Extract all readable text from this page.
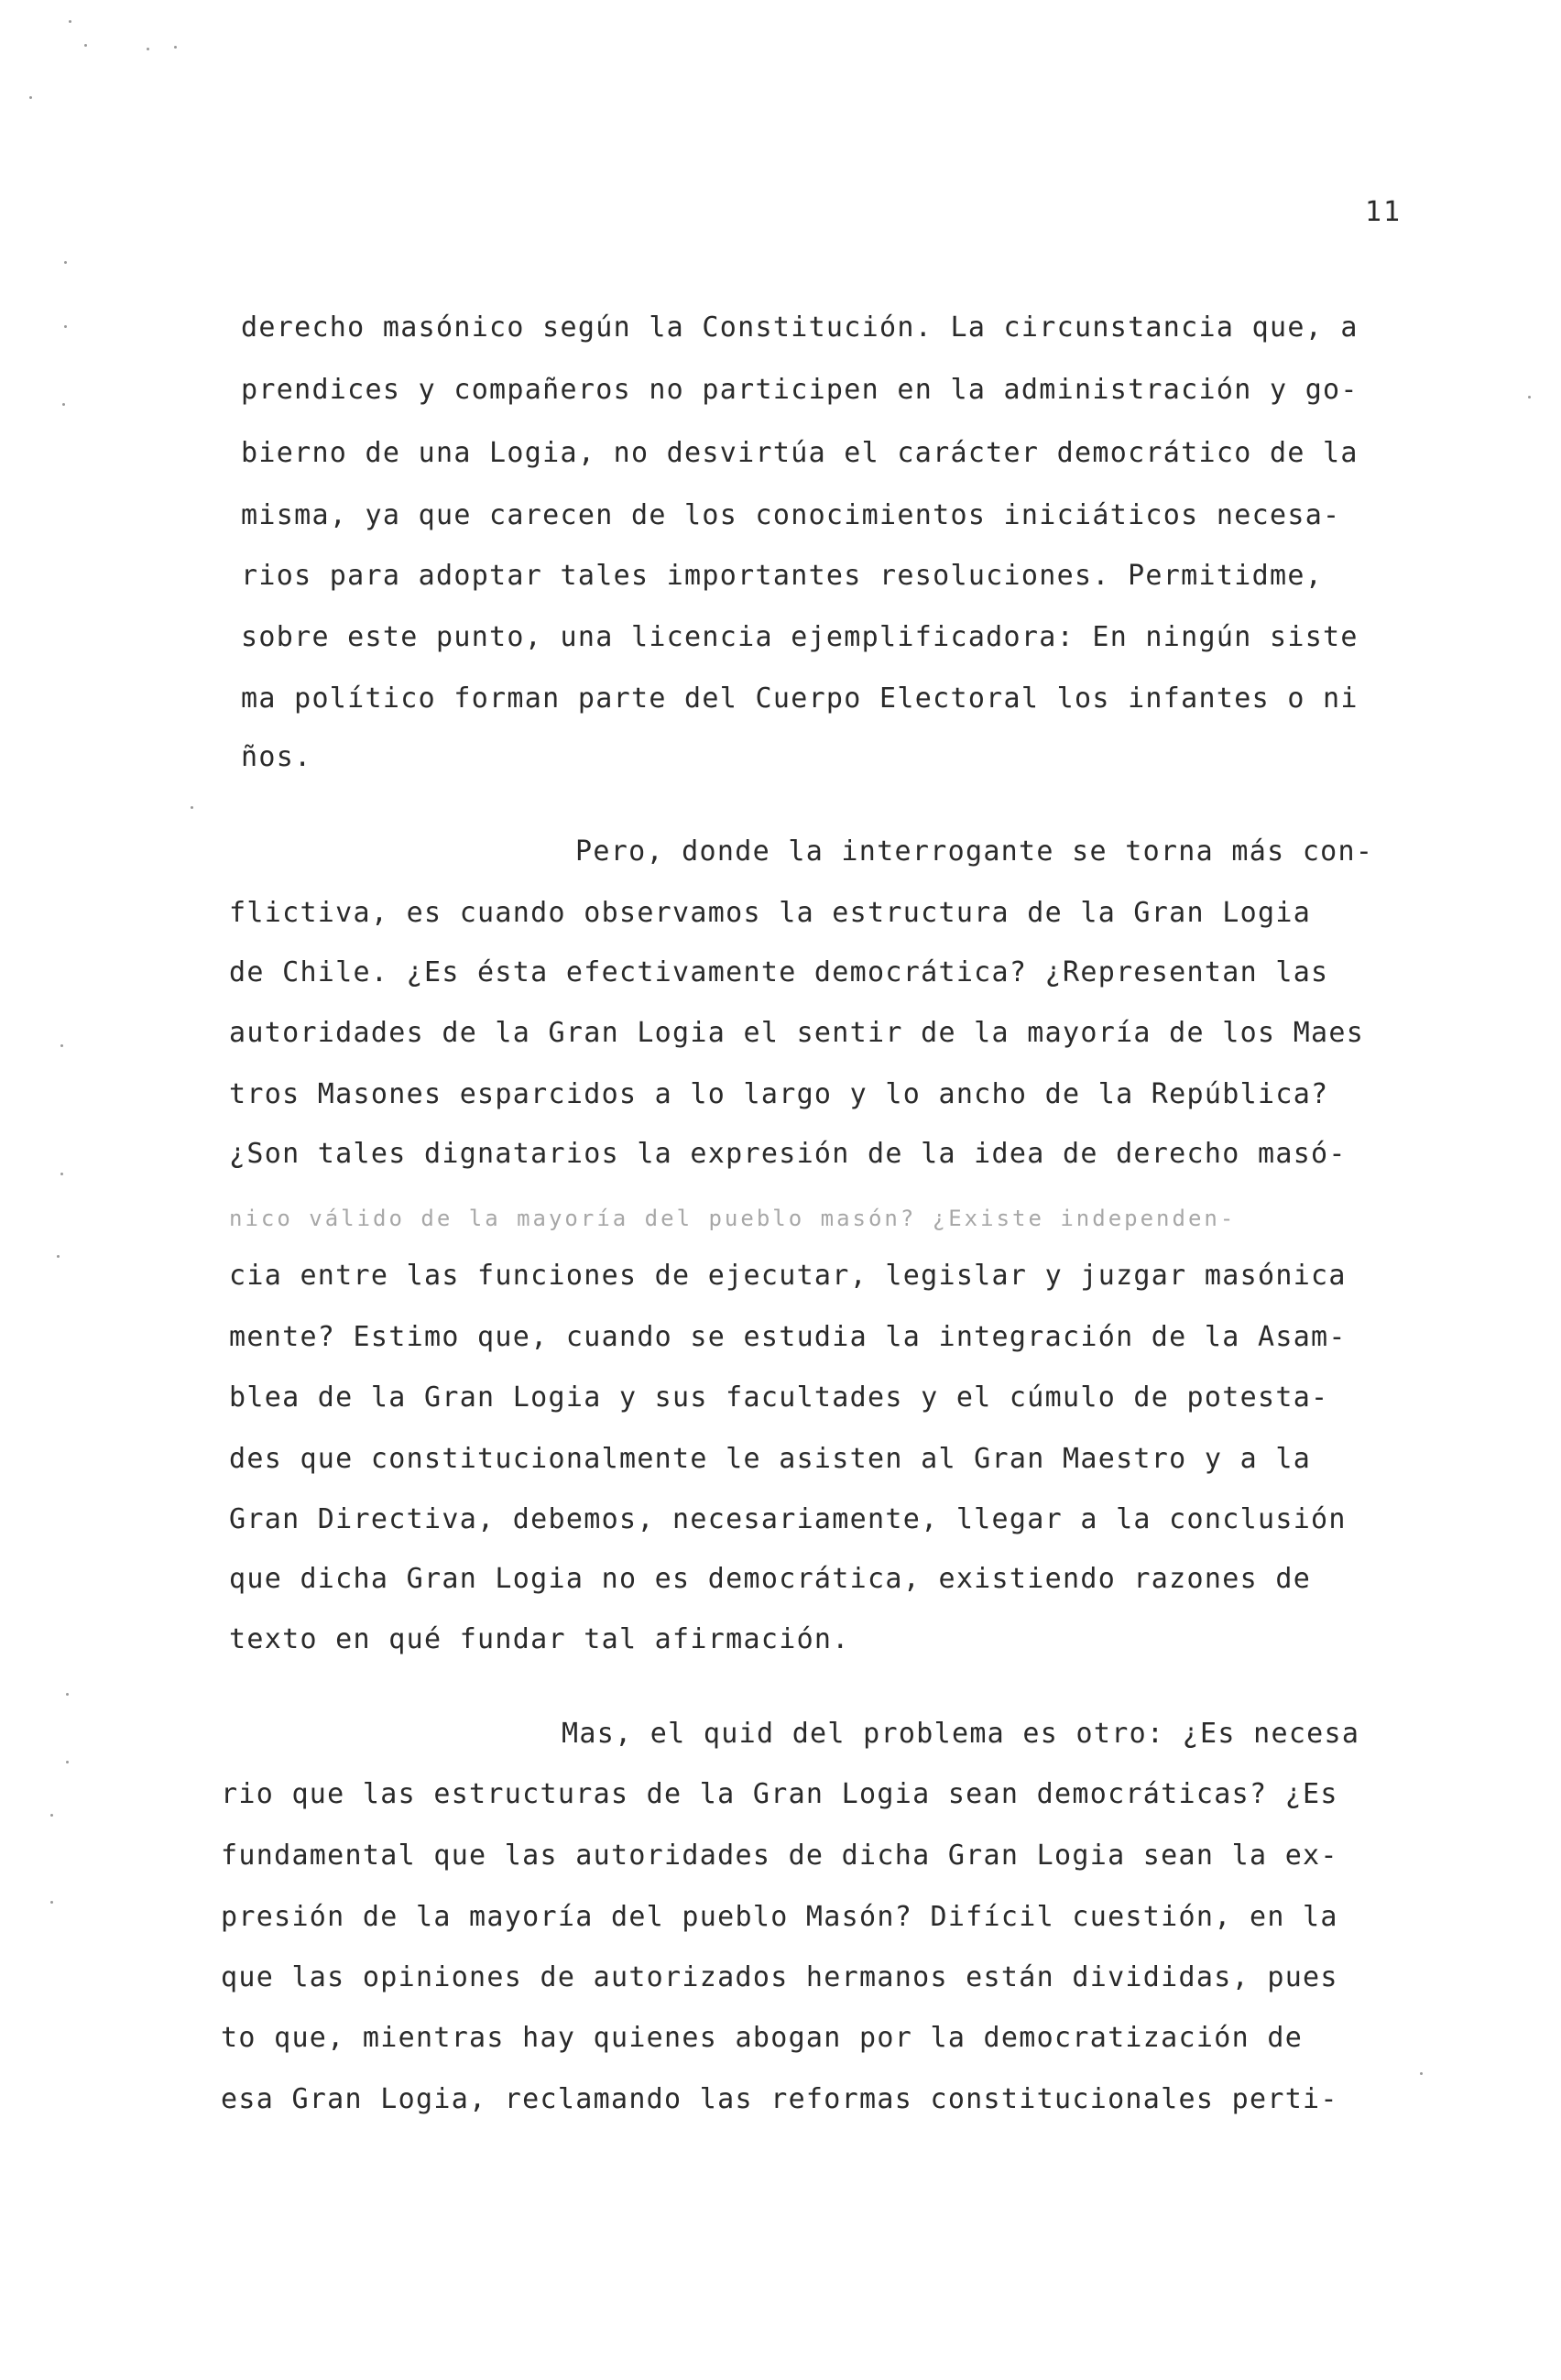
11
derecho masónico según la Constitución. La circunstancia que, a
prendices y compañeros no participen en la administración y go-
bierno de una Logia, no desvirtúa el carácter democrático de la
misma, ya que carecen de los conocimientos iniciáticos necesa-
rios para adoptar tales importantes resoluciones. Permitidme,
sobre este punto, una licencia ejemplificadora: En ningún siste
ma político forman parte del Cuerpo Electoral los infantes o ni
ños.
Pero, donde la interrogante se torna más con-
flictiva, es cuando observamos la estructura de la Gran Logia
de Chile. ¿Es ésta efectivamente democrática? ¿Representan las
autoridades de la Gran Logia el sentir de la mayoría de los Maes
tros Masones esparcidos a lo largo y lo ancho de la República?
¿Son tales dignatarios la expresión de la idea de derecho masó-
nico válido de la mayoría del pueblo masón? ¿Existe independen-
cia entre las funciones de ejecutar, legislar y juzgar masónica
mente? Estimo que, cuando se estudia la integración de la Asam-
blea de la Gran Logia y sus facultades y el cúmulo de potesta-
des que constitucionalmente le asisten al Gran Maestro y a la
Gran Directiva, debemos, necesariamente, llegar a la conclusión
que dicha Gran Logia no es democrática, existiendo razones de
texto en qué fundar tal afirmación.
Mas, el quid del problema es otro: ¿Es necesa
rio que las estructuras de la Gran Logia sean democráticas? ¿Es
fundamental que las autoridades de dicha Gran Logia sean la ex-
presión de la mayoría del pueblo Masón? Difícil cuestión, en la
que las opiniones de autorizados hermanos están divididas, pues
to que, mientras hay quienes abogan por la democratización de
esa Gran Logia, reclamando las reformas constitucionales perti-
